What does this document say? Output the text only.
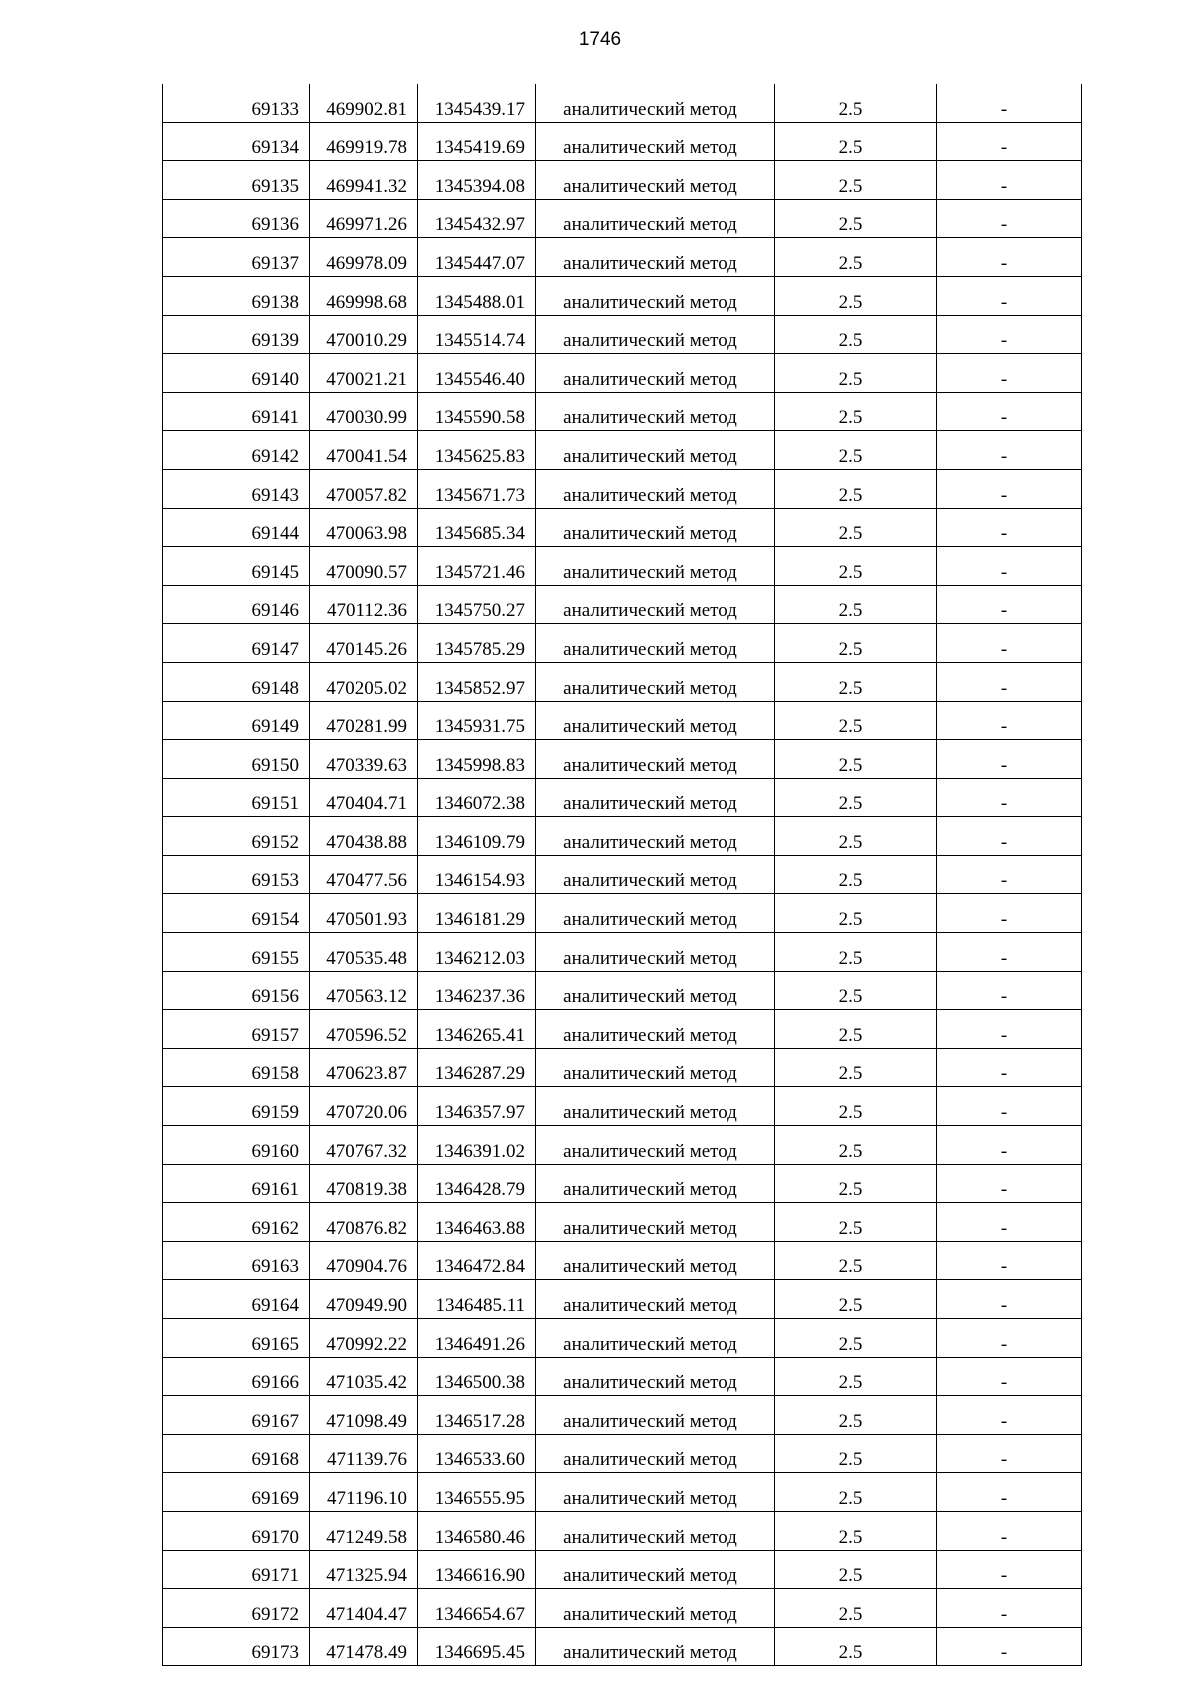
1746
69133	469902.81	1345439.17	аналитический метод	2.5	-
69134	469919.78	1345419.69	аналитический метод	2.5	-
69135	469941.32	1345394.08	аналитический метод	2.5	-
69136	469971.26	1345432.97	аналитический метод	2.5	-
69137	469978.09	1345447.07	аналитический метод	2.5	-
69138	469998.68	1345488.01	аналитический метод	2.5	-
69139	470010.29	1345514.74	аналитический метод	2.5	-
69140	470021.21	1345546.40	аналитический метод	2.5	-
69141	470030.99	1345590.58	аналитический метод	2.5	-
69142	470041.54	1345625.83	аналитический метод	2.5	-
69143	470057.82	1345671.73	аналитический метод	2.5	-
69144	470063.98	1345685.34	аналитический метод	2.5	-
69145	470090.57	1345721.46	аналитический метод	2.5	-
69146	470112.36	1345750.27	аналитический метод	2.5	-
69147	470145.26	1345785.29	аналитический метод	2.5	-
69148	470205.02	1345852.97	аналитический метод	2.5	-
69149	470281.99	1345931.75	аналитический метод	2.5	-
69150	470339.63	1345998.83	аналитический метод	2.5	-
69151	470404.71	1346072.38	аналитический метод	2.5	-
69152	470438.88	1346109.79	аналитический метод	2.5	-
69153	470477.56	1346154.93	аналитический метод	2.5	-
69154	470501.93	1346181.29	аналитический метод	2.5	-
69155	470535.48	1346212.03	аналитический метод	2.5	-
69156	470563.12	1346237.36	аналитический метод	2.5	-
69157	470596.52	1346265.41	аналитический метод	2.5	-
69158	470623.87	1346287.29	аналитический метод	2.5	-
69159	470720.06	1346357.97	аналитический метод	2.5	-
69160	470767.32	1346391.02	аналитический метод	2.5	-
69161	470819.38	1346428.79	аналитический метод	2.5	-
69162	470876.82	1346463.88	аналитический метод	2.5	-
69163	470904.76	1346472.84	аналитический метод	2.5	-
69164	470949.90	1346485.11	аналитический метод	2.5	-
69165	470992.22	1346491.26	аналитический метод	2.5	-
69166	471035.42	1346500.38	аналитический метод	2.5	-
69167	471098.49	1346517.28	аналитический метод	2.5	-
69168	471139.76	1346533.60	аналитический метод	2.5	-
69169	471196.10	1346555.95	аналитический метод	2.5	-
69170	471249.58	1346580.46	аналитический метод	2.5	-
69171	471325.94	1346616.90	аналитический метод	2.5	-
69172	471404.47	1346654.67	аналитический метод	2.5	-
69173	471478.49	1346695.45	аналитический метод	2.5	-
